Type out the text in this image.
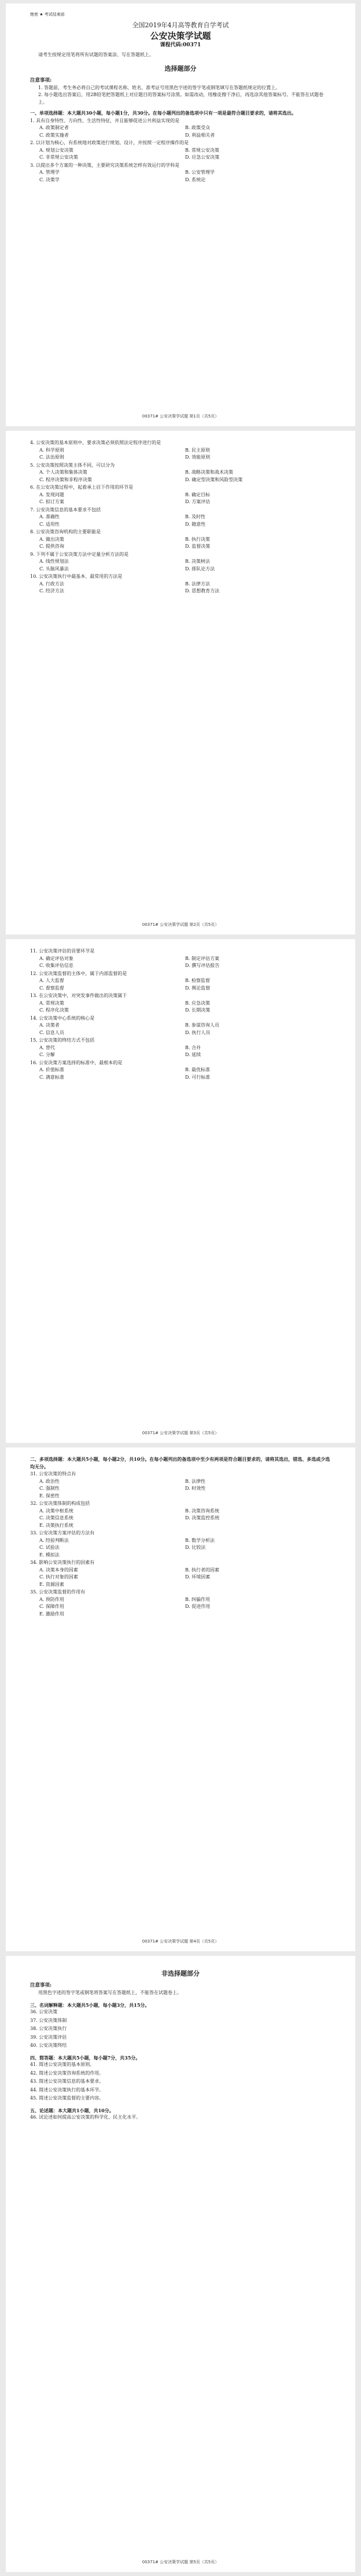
绝密 ★ 考试结束前
全国2019年4月高等教育自学考试
公安决策学试题
课程代码:00371
请考生按规定用笔将所有试题的答案涂、写在答题纸上。
选择题部分
注意事项:
1. 答题前，考生务必将自己的考试课程名称、姓名、准考证号用黑色字迹的签字笔或钢笔填写在答题纸规定的位置上。
2. 每小题选出答案后，用2B铅笔把答题纸上对应题目的答案标号涂黑。如需改动，用橡皮擦干净后，再选涂其他答案标号。不能答在试题卷上。
一、单项选择题：本大题共30小题，每小题1分，共30分。在每小题列出的备选项中只有一项是最符合题目要求的，请将其选出。
1. 具有自身特性、方向性、生活性特征，并且能够促进公共利益实现的是
A. 政策制定者	B. 政策受众
C. 政策实施者	D. 利益相关者
2. 以计划为核心，有系统地对政策进行规划、设计，并按照一定程序操作的是
A. 规划公安决策	B. 常规公安决策
C. 非常规公安决策	D. 应急公安决策
3. 以提出多个方案的一种决策，主要研究决策系统怎样有效运行的学科是
A. 管理学	B. 公安管理学
C. 决策学	D. 系统论
00371# 公安决策学试题 第1页（共5页）
4. 公安决策的基本原则中，要求决策必须依照法定程序进行的是
A. 科学原则	B. 民主原则
C. 法治原则	D. 效能原则
5. 公安决策按照决策主体不同，可以分为
A. 个人决策和集体决策	B. 战略决策和战术决策
C. 程序决策和非程序决策	D. 确定型决策和风险型决策
6. 在公安决策过程中，起着承上启下作用的环节是
A. 发现问题	B. 确定目标
C. 拟订方案	D. 方案评估
7. 公安决策信息的基本要求不包括
A. 准确性	B. 及时性
C. 适用性	D. 随意性
8. 公安决策咨询机构的主要职能是
A. 做出决策	B. 执行决策
C. 提供咨询	D. 监督决策
9. 下列不属于公安决策方法中定量分析方法的是
A. 线性规划法	B. 决策树法
C. 头脑风暴法	D. 排队论方法
10. 公安决策执行中最基本、最常用的方法是
A. 行政方法	B. 法律方法
C. 经济方法	D. 思想教育方法
00371# 公安决策学试题 第2页（共5页）
11. 公安决策评估的首要环节是
A. 确定评估对象	B. 制定评估方案
C. 收集评估信息	D. 撰写评估报告
12. 公安决策监督的主体中，属于内部监督的是
A. 人大监督	B. 检察监督
C. 督察监督	D. 舆论监督
13. 在公安决策中，对突发事件做出的决策属于
A. 常规决策	B. 应急决策
C. 程序化决策	D. 长期决策
14. 公安决策中心系统的核心是
A. 决策者	B. 参谋咨询人员
C. 信息人员	D. 执行人员
15. 公安决策的终结方式不包括
A. 替代	B. 合并
C. 分解	D. 延续
16. 公安决策方案选择的标准中，最根本的是
A. 价值标准	B. 最优标准
C. 满意标准	D. 可行标准
00371# 公安决策学试题 第3页（共5页）
二、多项选择题：本大题共5小题，每小题2分，共10分。在每小题列出的备选项中至少有两项是符合题目要求的，请将其选出，错选、多选或少选均无分。
31. 公安决策的特点有
A. 政治性	B. 法律性
C. 强制性	D. 时效性
E. 保密性
32. 公安决策体制的构成包括
A. 决策中枢系统	B. 决策咨询系统
C. 决策信息系统	D. 决策监控系统
E. 决策执行系统
33. 公安决策方案评估的方法有
A. 经验判断法	B. 数学分析法
C. 试验法	D. 比较法
E. 模拟法
34. 影响公安决策执行的因素有
A. 决策本身的因素	B. 执行者的因素
C. 执行对象的因素	D. 环境因素
E. 资源因素
35. 公安决策监督的作用有
A. 预防作用	B. 纠偏作用
C. 保障作用	D. 促进作用
E. 激励作用
00371# 公安决策学试题 第4页（共5页）
非选择题部分
注意事项:
用黑色字迹的签字笔或钢笔将答案写在答题纸上，不能答在试题卷上。
三、名词解释题：本大题共5小题，每小题3分，共15分。
36. 公安决策
37. 公安决策体制
38. 公安决策执行
39. 公安决策评估
40. 公安决策终结
四、简答题：本大题共5小题，每小题7分，共35分。
41. 简述公安决策的基本原则。
42. 简述公安决策咨询系统的作用。
43. 简述公安决策信息的基本要求。
44. 简述公安决策执行的基本环节。
45. 简述公安决策监督的主要内容。
五、论述题：本大题共1小题，共10分。
46. 试论述如何提高公安决策的科学化、民主化水平。
00371# 公安决策学试题 第5页（共5页）
